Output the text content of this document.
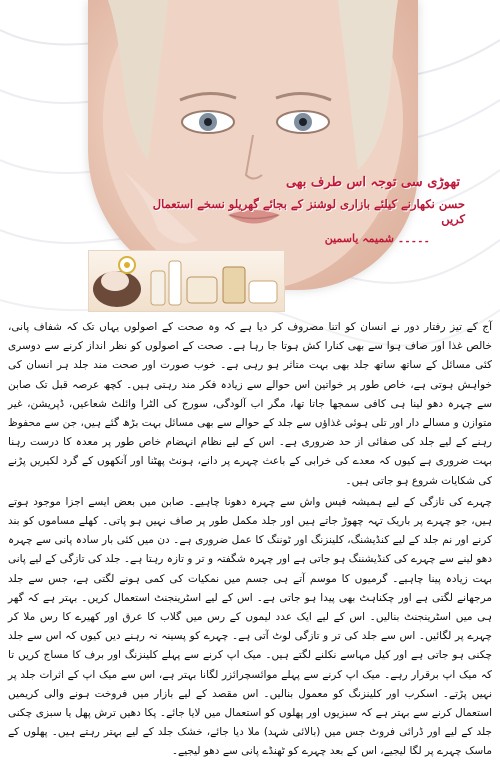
تھوڑی سی توجہ اس طرف بھی
حسن نکھارنے کیلئے بازاری لوشنز کے بجائے گھریلو نسخے استعمال کریں
۔۔۔۔۔ شمیمہ یاسمین

آج کے تیز رفتار دور نے انسان کو اتنا مصروف کر دیا ہے کہ وہ صحت کے اصولوں یہاں تک کہ شفاف پانی، خالص غذا اور صاف ہوا سے بھی کنارا کش ہوتا جا رہا ہے۔ صحت کے اصولوں کو نظر انداز کرنے سے دوسری کئی مسائل کے ساتھ ساتھ جلد بھی بہت متاثر ہو رہی ہے۔ خوب صورت اور صحت مند جلد ہر انسان کی خواہش ہوتی ہے، خاص طور پر خواتین اس حوالے سے زیادہ فکر مند رہتی ہیں۔ کچھ عرصہ قبل تک صابن سے چہرہ دھو لینا ہی کافی سمجھا جاتا تھا، مگر اب آلودگی، سورج کی الٹرا وائلٹ شعاعیں، ڈپریشن، غیر متوازن و مسالے دار اور تلی ہوئی غذاؤں سے جلد کے حوالے سے بھی مسائل بہت بڑھ گئے ہیں، جن سے محفوظ رہنے کے لیے جلد کی صفائی از حد ضروری ہے۔ اس کے لیے نظام انہضام خاص طور پر معدہ کا درست رہنا بہت ضروری ہے کیوں کہ معدے کی خرابی کے باعث چہرے پر دانے، ہونٹ پھٹنا اور آنکھوں کے گرد لکیریں پڑنے کی شکایات شروع ہو جاتی ہیں۔

چہرے کی تازگی کے لیے ہمیشہ فیس واش سے چہرہ دھونا چاہیے۔ صابن میں بعض ایسے اجزا موجود ہوتے ہیں، جو چہرے پر باریک تہہ چھوڑ جاتے ہیں اور جلد مکمل طور پر صاف نہیں ہو پاتی۔ کھلے مساموں کو بند کرنے اور نم جلد کے لیے کنڈیشنگ، کلینزنگ اور ٹوننگ کا عمل ضروری ہے۔ دن میں کئی بار سادہ پانی سے چہرہ دھو لینے سے چہرے کی کنڈیشننگ ہو جاتی ہے اور چہرہ شگفتہ و تر و تازہ رہتا ہے۔ جلد کی تازگی کے لیے پانی بہت زیادہ پینا چاہیے۔ گرمیوں کا موسم آتے ہی جسم میں نمکیات کی کمی ہونے لگتی ہے، جس سے جلد مرجھانے لگتی ہے اور چکناہٹ بھی پیدا ہو جاتی ہے۔ اس کے لیے اسٹرینجنٹ استعمال کریں۔ بہتر ہے کہ گھر ہی میں اسٹرینجنٹ بنالیں۔ اس کے لیے ایک عدد لیموں کے رس میں گلاب کا عرق اور کھیرے کا رس ملا کر چہرے پر لگائیں۔ اس سے جلد کی تر و تازگی لوٹ آتی ہے۔ چہرے کو پسینہ نہ رہنے دیں کیوں کہ اس سے جلد چکنی ہو جاتی ہے اور کیل مہاسے نکلنے لگتے ہیں۔ میک اپ کرنے سے پہلے کلینزنگ اور برف کا مساج کریں تا کہ میک اپ برقرار رہے۔ میک اپ کرنے سے پہلے موائسچرائزر لگانا بہتر ہے، اس سے میک اپ کے اثرات جلد پر نہیں پڑتے۔ اسکرب اور کلینزنگ کو معمول بنالیں۔ اس مقصد کے لیے بازار میں فروخت ہونے والی کریمیں استعمال کرنے سے بہتر ہے کہ سبزیوں اور پھلوں کو استعمال میں لایا جائے۔ پکا دھیں ترش پھل یا سبزی چکنی جلد کے لیے اور ڈرائی فروٹ جس میں (بالائی شہد) ملا دیا جائے، خشک جلد کے لیے بہتر رہتے ہیں۔ پھلوں کے ماسک چہرے پر لگا لیجیے، اس کے بعد چہرے کو ٹھنڈے پانی سے دھو لیجیے۔
